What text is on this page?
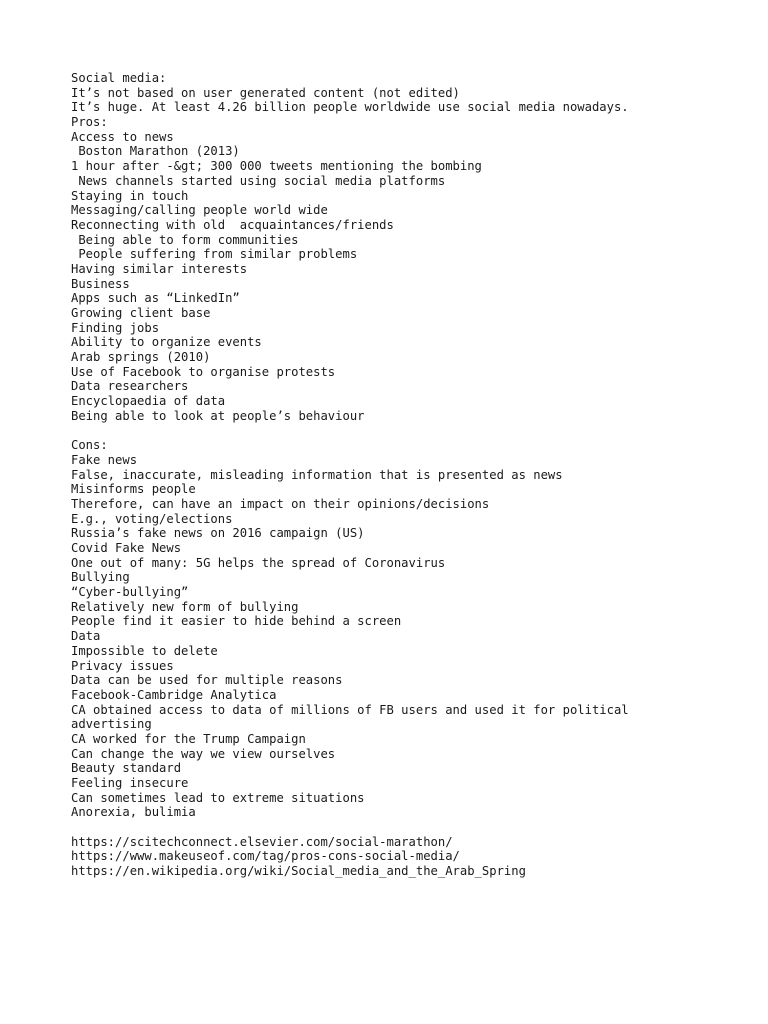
Social media:
It’s not based on user generated content (not edited)
It’s huge. At least 4.26 billion people worldwide use social media nowadays.
Pros:
Access to news
Boston Marathon (2013)
1 hour after -&gt; 300 000 tweets mentioning the bombing
News channels started using social media platforms
Staying in touch
Messaging/calling people world wide
Reconnecting with old  acquaintances/friends
Being able to form communities
People suffering from similar problems
Having similar interests
Business
Apps such as “LinkedIn”
Growing client base
Finding jobs
Ability to organize events
Arab springs (2010)
Use of Facebook to organise protests
Data researchers
Encyclopaedia of data
Being able to look at people’s behaviour
Cons:
Fake news
False, inaccurate, misleading information that is presented as news
Misinforms people
Therefore, can have an impact on their opinions/decisions
E.g., voting/elections
Russia’s fake news on 2016 campaign (US)
Covid Fake News
One out of many: 5G helps the spread of Coronavirus
Bullying
“Cyber-bullying”
Relatively new form of bullying
People find it easier to hide behind a screen
Data
Impossible to delete
Privacy issues
Data can be used for multiple reasons
Facebook-Cambridge Analytica
CA obtained access to data of millions of FB users and used it for political
advertising
CA worked for the Trump Campaign
Can change the way we view ourselves
Beauty standard
Feeling insecure
Can sometimes lead to extreme situations
Anorexia, bulimia
https://scitechconnect.elsevier.com/social-marathon/
https://www.makeuseof.com/tag/pros-cons-social-media/
https://en.wikipedia.org/wiki/Social_media_and_the_Arab_Spring
